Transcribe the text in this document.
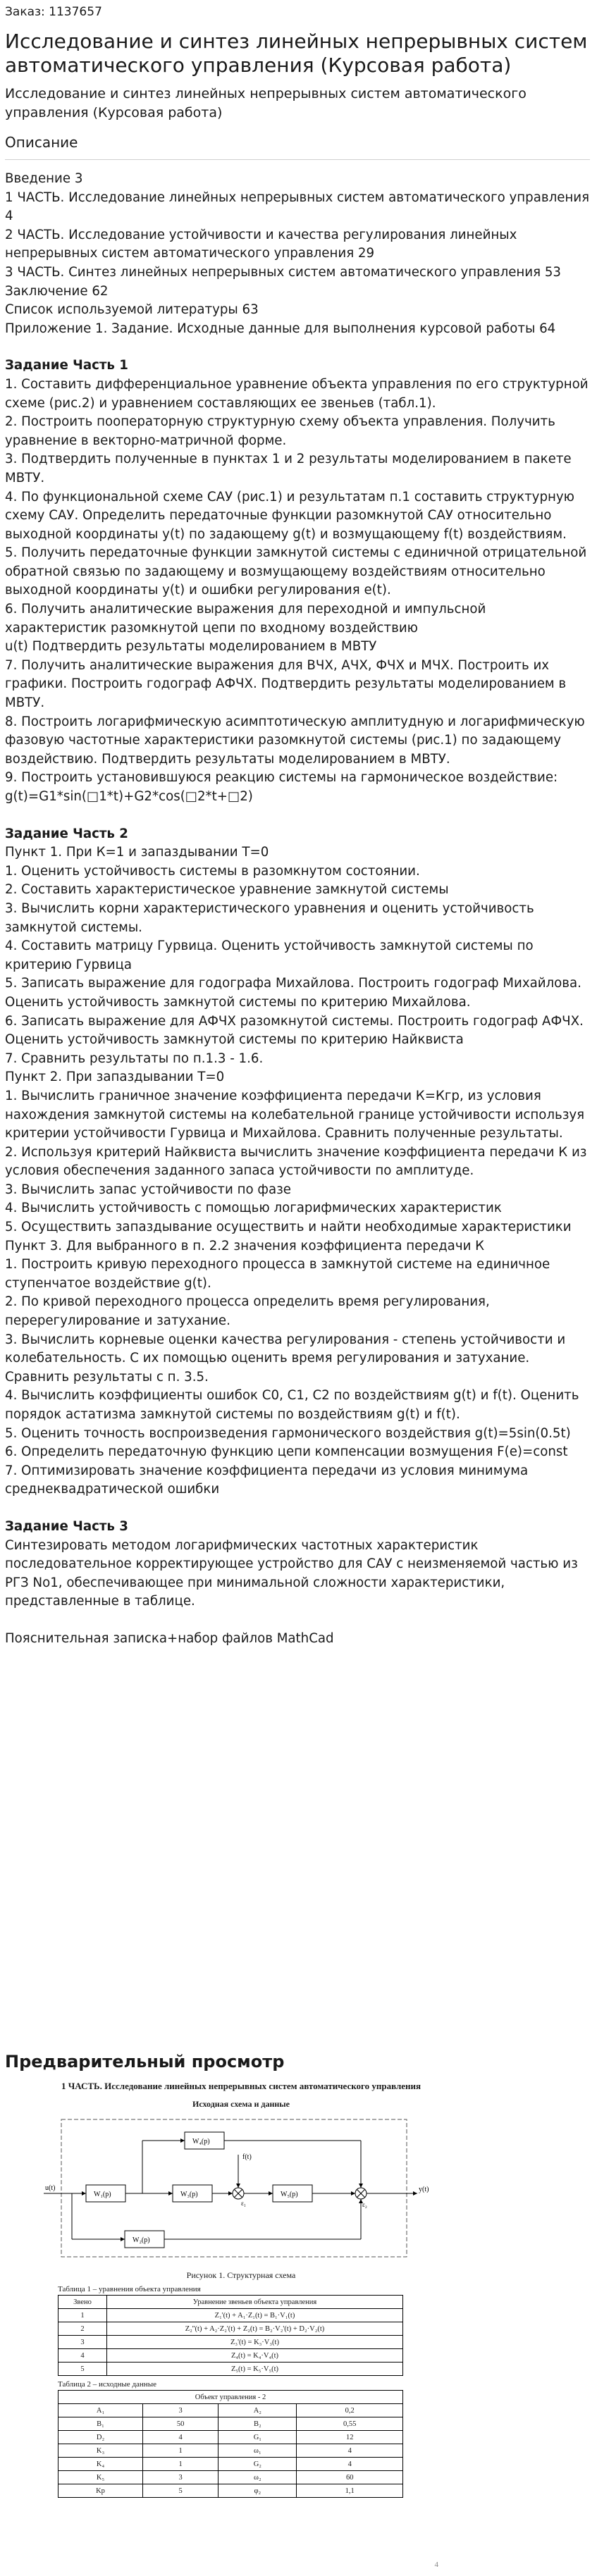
Заказ: 1137657

Исследование и синтез линейных непрерывных систем автоматического управления (Курсовая работа)

Исследование и синтез линейных непрерывных систем автоматического управления (Курсовая работа)

Описание

Введение 3

1 ЧАСТЬ. Исследование линейных непрерывных систем автоматического управления 4

2 ЧАСТЬ. Исследование устойчивости и качества регулирования линейных непрерывных систем автоматического управления 29

3 ЧАСТЬ. Синтез линейных непрерывных систем автоматического управления 53

Заключение 62

Список используемой литературы 63

Приложение 1. Задание. Исходные данные для выполнения курсовой работы 64

Задание Часть 1

1. Составить дифференциальное уравнение объекта управления по его структурной схеме (рис.2) и уравнением составляющих ее звеньев (табл.1).

2. Построить пооператорную структурную схему объекта управления. Получить уравнение в векторно-матричной форме.

3. Подтвердить полученные в пунктах 1 и 2 результаты моделированием в пакете МВТУ.

4. По функциональной схеме САУ (рис.1) и результатам п.1 составить структурную схему САУ. Определить передаточные функции разомкнутой САУ относительно выходной координаты y(t) по задающему g(t) и возмущающему f(t) воздействиям.

5. Получить передаточные функции замкнутой системы с единичной отрицательной обратной связью по задающему и возмущающему воздействиям относительно выходной координаты y(t) и ошибки регулирования e(t).

6. Получить аналитические выражения для переходной и импульсной характеристик разомкнутой цепи по входному воздействию

u(t) Подтвердить результаты моделированием в МВТУ

7. Получить аналитические выражения для ВЧХ, АЧХ, ФЧХ и МЧХ. Построить их графики. Построить годограф АФЧХ. Подтвердить результаты моделированием в МВТУ.

8. Построить логарифмическую асимптотическую амплитудную и логарифмическую фазовую частотные характеристики разомкнутой системы (рис.1) по задающему воздействию. Подтвердить результаты моделированием в МВТУ.

9. Построить установившуюся реакцию системы на гармоническое воздействие: g(t)=G1*sin(□1*t)+G2*cos(□2*t+□2)

Задание Часть 2

Пункт 1. При К=1 и запаздывании Т=0

1. Оценить устойчивость системы в разомкнутом состоянии.

2. Составить характеристическое уравнение замкнутой системы

3. Вычислить корни характеристического уравнения и оценить устойчивость замкнутой системы.

4. Составить матрицу Гурвица. Оценить устойчивость замкнутой системы по критерию Гурвица

5. Записать выражение для годографа Михайлова. Построить годограф Михайлова. Оценить устойчивость замкнутой системы по критерию Михайлова.

6. Записать выражение для АФЧХ разомкнутой системы. Построить годограф АФЧХ. Оценить устойчивость замкнутой системы по критерию Найквиста

7. Сравнить результаты по п.1.3 - 1.6.

Пункт 2. При запаздывании Т=0

1. Вычислить граничное значение коэффициента передачи К=Кгр, из условия нахождения замкнутой системы на колебательной границе устойчивости используя критерии устойчивости Гурвица и Михайлова. Сравнить полученные результаты.

2. Используя критерий Найквиста вычислить значение коэффициента передачи К из условия обеспечения заданного запаса устойчивости по амплитуде.

3. Вычислить запас устойчивости по фазе

4. Вычислить устойчивость с помощью логарифмических характеристик

5. Осуществить запаздывание осуществить и найти необходимые характеристики

Пункт 3. Для выбранного в п. 2.2 значения коэффициента передачи К

1. Построить кривую переходного процесса в замкнутой системе на единичное ступенчатое воздействие g(t).

2. По кривой переходного процесса определить время регулирования, перерегулирование и затухание.

3. Вычислить корневые оценки качества регулирования - степень устойчивости и колебательность. С их помощью оценить время регулирования и затухание. Сравнить результаты с п. 3.5.

4. Вычислить коэффициенты ошибок С0, С1, С2 по воздействиям g(t) и f(t). Оценить порядок астатизма замкнутой системы по воздействиям g(t) и f(t).

5. Оценить точность воспроизведения гармонического воздействия g(t)=5sin(0.5t)

6. Определить передаточную функцию цепи компенсации возмущения F(e)=const

7. Оптимизировать значение коэффициента передачи из условия минимума среднеквадратической ошибки

Задание Часть 3

Синтезировать методом логарифмических частотных характеристик последовательное корректирующее устройство для САУ с неизменяемой частью из РГЗ No1, обеспечивающее при минимальной сложности характеристики, представленные в таблице.

Пояснительная записка+набор файлов MathCad

Предварительный просмотр

1 ЧАСТЬ. Исследование линейных непрерывных систем автоматического управления

Исходная схема и данные

u(t)
W₁(p)	W₃(p)
W₄(p)
W₂(p)
ε₁
f(t)
W₅(p)
ε₂
y(t)

Рисунок 1. Структурная схема

Таблица 1 – уравнения объекта управления

Звено	Уравнение звеньев объекта управления
1	Z₁'(t) + A₁·Z₁(t) = B₁·V₁(t)
2	Z₂''(t) + A₂·Z₂'(t) + Z₂(t) = B₂·V₂'(t) + D₂·V₂(t)
3	Z₃'(t) = K₃·V₃(t)
4	Z₄(t) = K₄·V₄(t)
5	Z₅(t) = K₅·V₅(t)

Таблица 2 – исходные данные

Объект управления - 2			
A₁	3	A₂	0,2
B₁	50	B₂	0,55
D₂	4	G₁	12
K₃	1	ω₁	4
K₄	1	G₂	4
K₅	3	ω₂	60
Kp	5	φ₂	1,1
4
